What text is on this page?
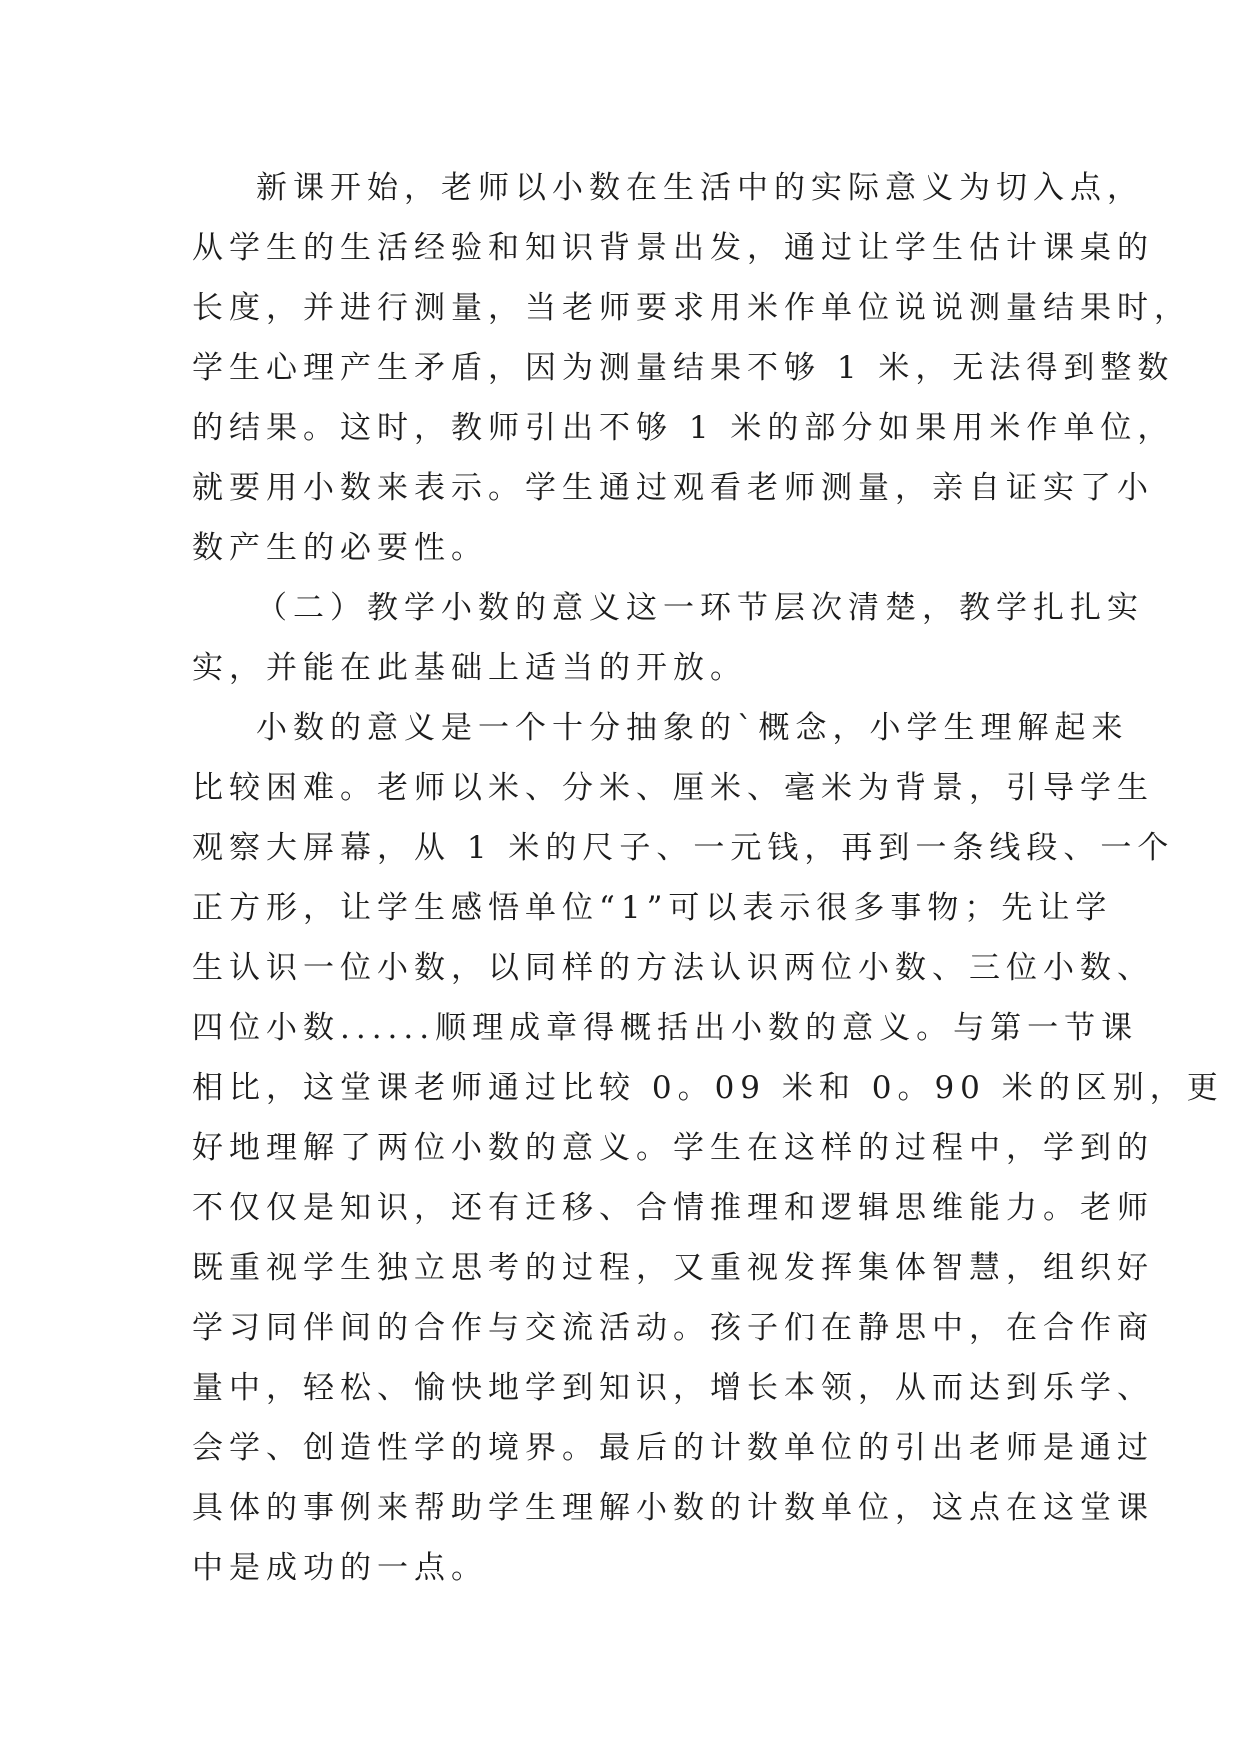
新课开始，老师以小数在生活中的实际意义为切入点，
从学生的生活经验和知识背景出发，通过让学生估计课桌的
长度，并进行测量，当老师要求用米作单位说说测量结果时，
学生心理产生矛盾，因为测量结果不够 1 米，无法得到整数
的结果。这时，教师引出不够 1 米的部分如果用米作单位，
就要用小数来表示。学生通过观看老师测量，亲自证实了小
数产生的必要性。
（二）教学小数的意义这一环节层次清楚，教学扎扎实
实，并能在此基础上适当的开放。
小数的意义是一个十分抽象的`概念，小学生理解起来
比较困难。老师以米、分米、厘米、毫米为背景，引导学生
观察大屏幕，从 1 米的尺子、一元钱，再到一条线段、一个
正方形，让学生感悟单位“1”可以表示很多事物；先让学
生认识一位小数，以同样的方法认识两位小数、三位小数、
四位小数......顺理成章得概括出小数的意义。与第一节课
相比，这堂课老师通过比较 0。09 米和 0。90 米的区别，更
好地理解了两位小数的意义。学生在这样的过程中，学到的
不仅仅是知识，还有迁移、合情推理和逻辑思维能力。老师
既重视学生独立思考的过程，又重视发挥集体智慧，组织好
学习同伴间的合作与交流活动。孩子们在静思中，在合作商
量中，轻松、愉快地学到知识，增长本领，从而达到乐学、
会学、创造性学的境界。最后的计数单位的引出老师是通过
具体的事例来帮助学生理解小数的计数单位，这点在这堂课
中是成功的一点。
